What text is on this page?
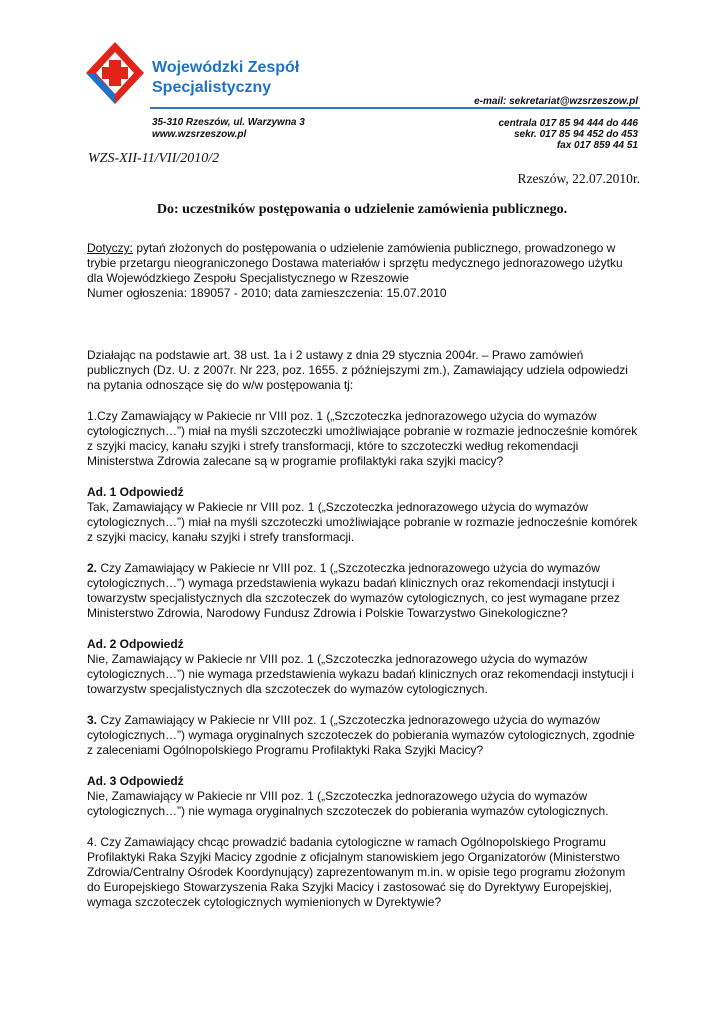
Wojewódzki Zespół
Specjalistyczny
e-mail: sekretariat@wzsrzeszow.pl
35-310 Rzeszów, ul. Warzywna 3
www.wzsrzeszow.pl
centrala 017 85 94 444 do 446
sekr. 017 85 94 452 do 453
fax 017 859 44 51
WZS-XII-11/VII/2010/2
Rzeszów, 22.07.2010r.
Do: uczestników postępowania o udzielenie zamówienia publicznego.

Dotyczy: pytań złożonych do postępowania o udzielenie zamówienia publicznego, prowadzonego w

trybie przetargu nieograniczonego Dostawa materiałów i sprzętu medycznego jednorazowego użytku

dla Wojewódzkiego Zespołu Specjalistycznego w Rzeszowie

Numer ogłoszenia: 189057 - 2010; data zamieszczenia: 15.07.2010

Działając na podstawie art. 38 ust. 1a i 2 ustawy z dnia 29 stycznia 2004r. – Prawo zamówień

publicznych (Dz. U. z 2007r. Nr 223, poz. 1655. z późniejszymi zm.), Zamawiający udziela odpowiedzi

na pytania odnoszące się do w/w postępowania tj:

1.Czy Zamawiający w Pakiecie nr VIII poz. 1 („Szczoteczka jednorazowego użycia do wymazów

cytologicznych…”) miał na myśli szczoteczki umożliwiające pobranie w rozmazie jednocześnie komórek

z szyjki macicy, kanału szyjki i strefy transformacji, które to szczoteczki według rekomendacji

Ministerstwa Zdrowia zalecane są w programie profilaktyki raka szyjki macicy?

Ad. 1 Odpowiedź

Tak, Zamawiający w Pakiecie nr VIII poz. 1 („Szczoteczka jednorazowego użycia do wymazów

cytologicznych…”) miał na myśli szczoteczki umożliwiające pobranie w rozmazie jednocześnie komórek

z szyjki macicy, kanału szyjki i strefy transformacji.

2. Czy Zamawiający w Pakiecie nr VIII poz. 1 („Szczoteczka jednorazowego użycia do wymazów

cytologicznych…”) wymaga przedstawienia wykazu badań klinicznych oraz rekomendacji instytucji i

towarzystw specjalistycznych dla szczoteczek do wymazów cytologicznych, co jest wymagane przez

Ministerstwo Zdrowia, Narodowy Fundusz Zdrowia i Polskie Towarzystwo Ginekologiczne?

Ad. 2 Odpowiedź

Nie, Zamawiający w Pakiecie nr VIII poz. 1 („Szczoteczka jednorazowego użycia do wymazów

cytologicznych…”) nie wymaga przedstawienia wykazu badań klinicznych oraz rekomendacji instytucji i

towarzystw specjalistycznych dla szczoteczek do wymazów cytologicznych.

3. Czy Zamawiający w Pakiecie nr VIII poz. 1 („Szczoteczka jednorazowego użycia do wymazów

cytologicznych…”) wymaga oryginalnych szczoteczek do pobierania wymazów cytologicznych, zgodnie

z zaleceniami Ogólnopolskiego Programu Profilaktyki Raka Szyjki Macicy?

Ad. 3 Odpowiedź

Nie, Zamawiający w Pakiecie nr VIII poz. 1 („Szczoteczka jednorazowego użycia do wymazów

cytologicznych…”) nie wymaga oryginalnych szczoteczek do pobierania wymazów cytologicznych.

4. Czy Zamawiający chcąc prowadzić badania cytologiczne w ramach Ogólnopolskiego Programu

Profilaktyki Raka Szyjki Macicy zgodnie z oficjalnym stanowiskiem jego Organizatorów (Ministerstwo

Zdrowia/Centralny Ośrodek Koordynujący) zaprezentowanym m.in. w opisie tego programu złożonym

do Europejskiego Stowarzyszenia Raka Szyjki Macicy i zastosować się do Dyrektywy Europejskiej,

wymaga szczoteczek cytologicznych wymienionych w Dyrektywie?
